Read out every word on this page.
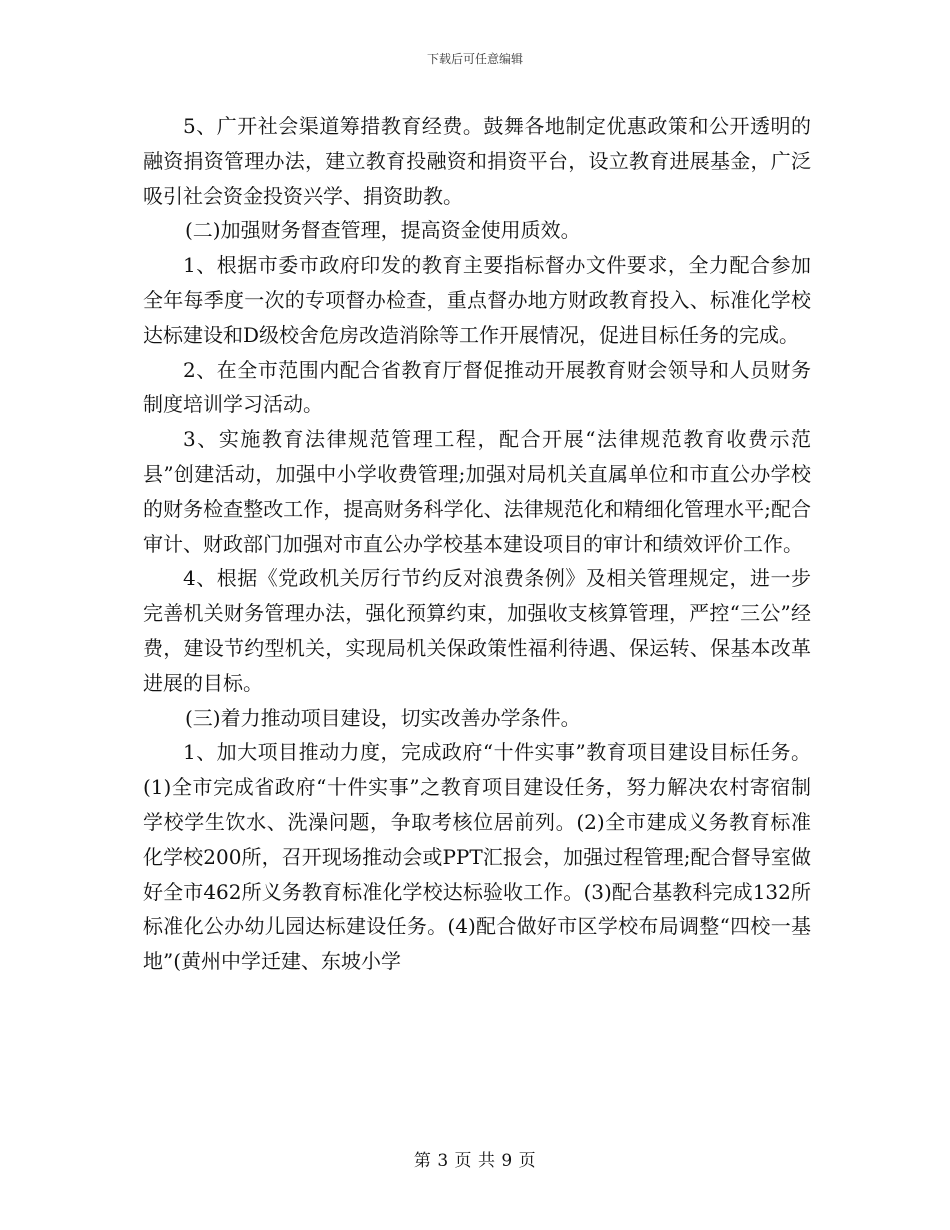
下载后可任意编辑

5、广开社会渠道筹措教育经费。鼓舞各地制定优惠政策和公开透明的融资捐资管理办法，建立教育投融资和捐资平台，设立教育进展基金，广泛吸引社会资金投资兴学、捐资助教。

(二)加强财务督查管理，提高资金使用质效。

1、根据市委市政府印发的教育主要指标督办文件要求，全力配合参加全年每季度一次的专项督办检查，重点督办地方财政教育投入、标准化学校达标建设和D级校舍危房改造消除等工作开展情况，促进目标任务的完成。

2、在全市范围内配合省教育厅督促推动开展教育财会领导和人员财务制度培训学习活动。

3、实施教育法律规范管理工程，配合开展“法律规范教育收费示范县”创建活动，加强中小学收费管理;加强对局机关直属单位和市直公办学校的财务检查整改工作，提高财务科学化、法律规范化和精细化管理水平;配合审计、财政部门加强对市直公办学校基本建设项目的审计和绩效评价工作。

4、根据《党政机关厉行节约反对浪费条例》及相关管理规定，进一步完善机关财务管理办法，强化预算约束，加强收支核算管理，严控“三公”经费，建设节约型机关，实现局机关保政策性福利待遇、保运转、保基本改革进展的目标。

(三)着力推动项目建设，切实改善办学条件。

1、加大项目推动力度，完成政府“十件实事”教育项目建设目标任务。(1)全市完成省政府“十件实事”之教育项目建设任务，努力解决农村寄宿制学校学生饮水、洗澡问题，争取考核位居前列。(2)全市建成义务教育标准化学校200所，召开现场推动会或PPT汇报会，加强过程管理;配合督导室做好全市462所义务教育标准化学校达标验收工作。(3)配合基教科完成132所标准化公办幼儿园达标建设任务。(4)配合做好市区学校布局调整“四校一基地”(黄州中学迁建、东坡小学

第 3 页 共 9 页
